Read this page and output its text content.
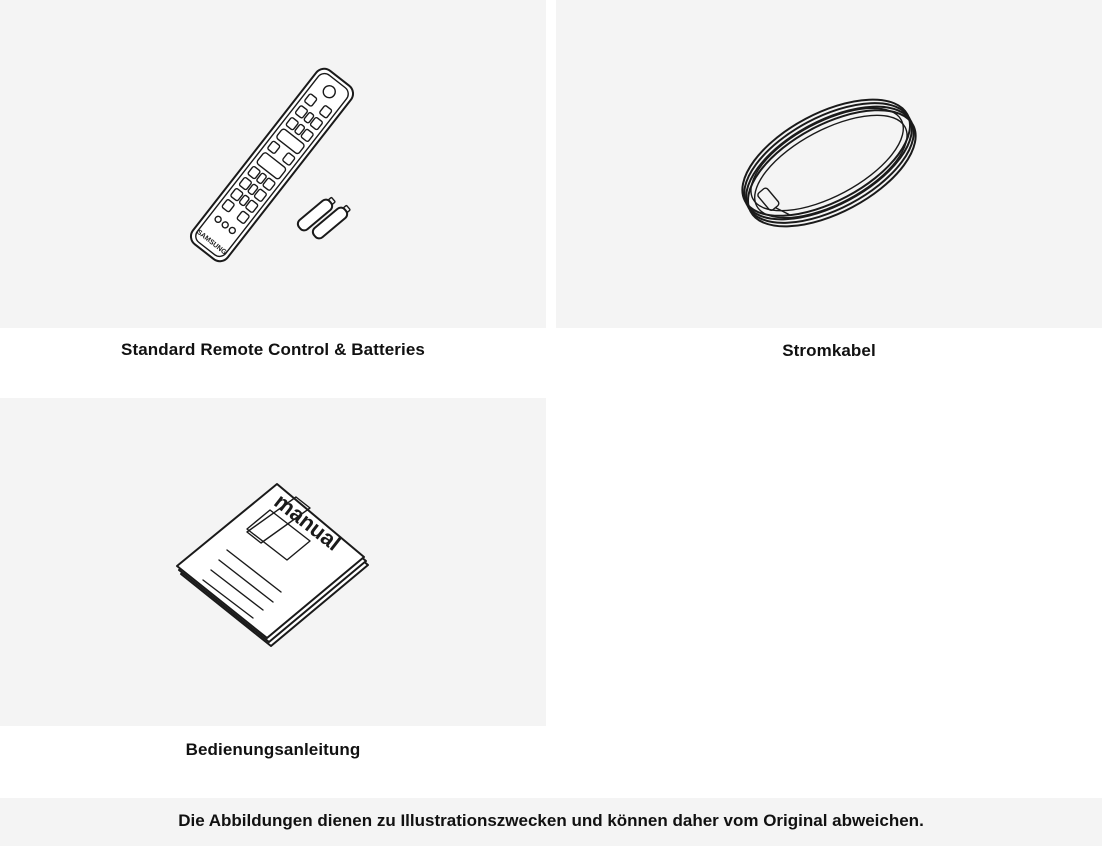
SAMSUNG
Standard Remote Control & Batteries	Stromkabel
manual
Bedienungsanleitung
Die Abbildungen dienen zu Illustrationszwecken und können daher vom Original abweichen.
